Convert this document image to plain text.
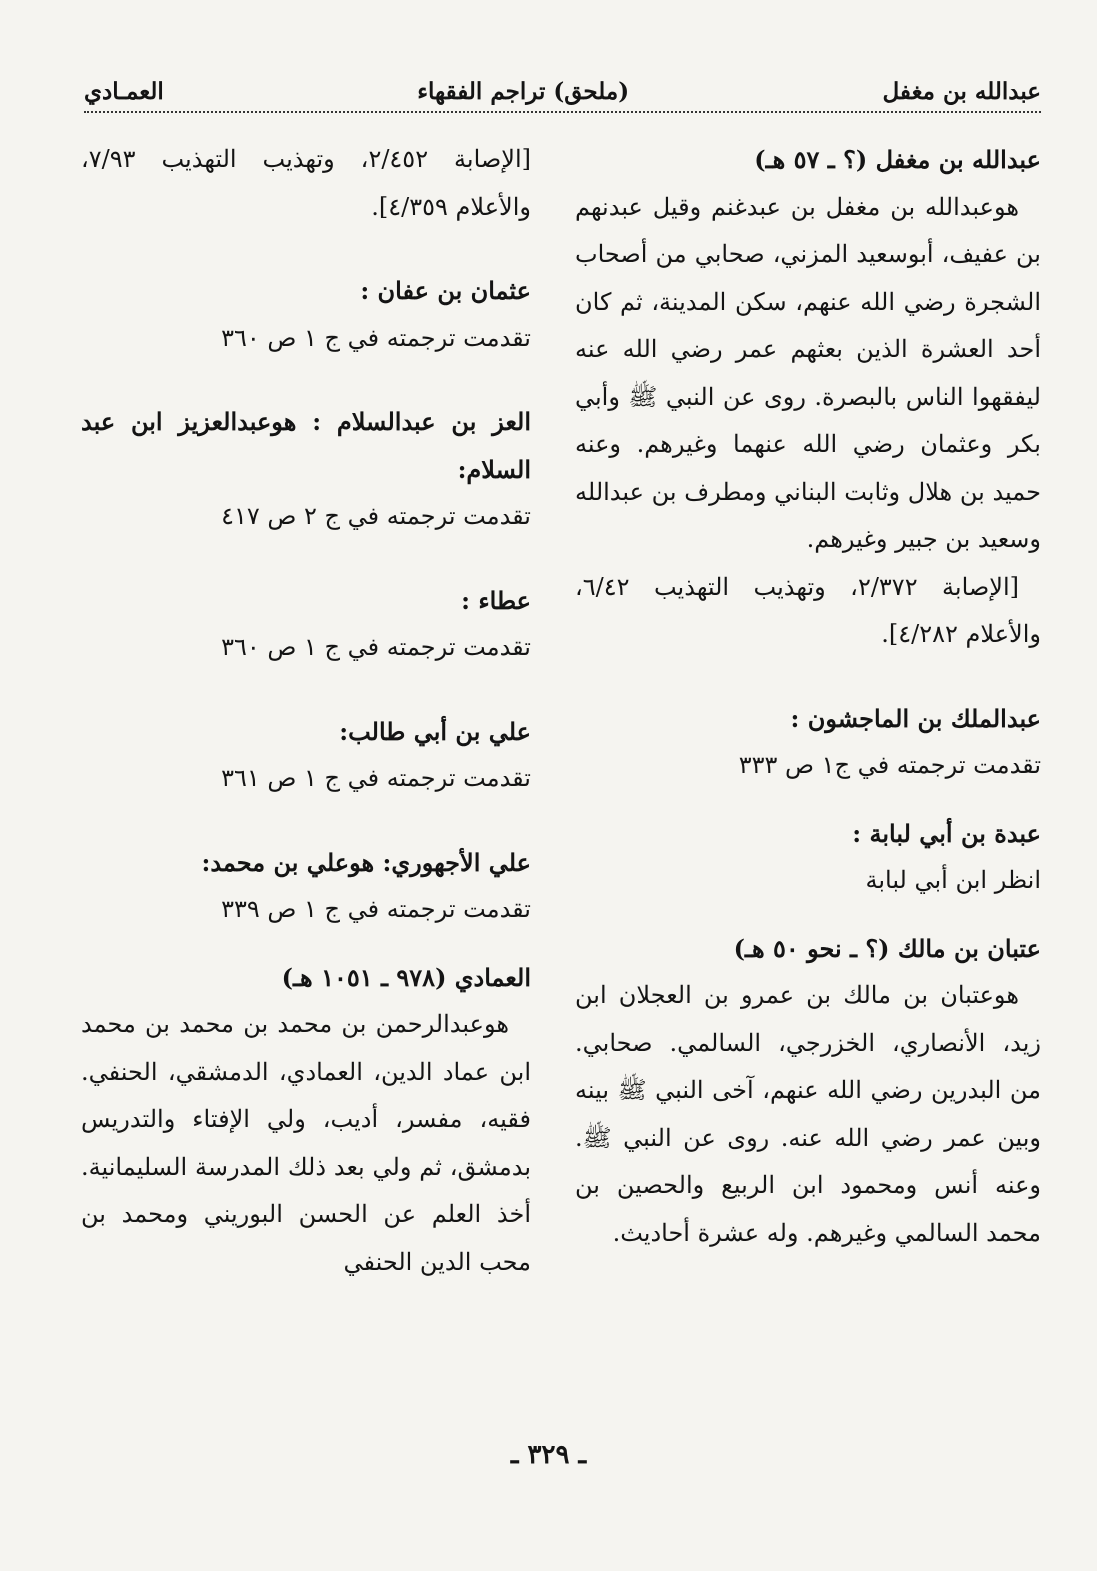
عبدالله بن مغفل
(ملحق) تراجم الفقهاء
العمـادي

عبدالله بن مغفل (؟ ـ ٥٧ هـ)

هوعبدالله بن مغفل بن عبدغنم وقيل عبدنهم بن عفيف، أبوسعيد المزني، صحابي من أصحاب الشجرة رضي الله عنهم، سكن المدينة، ثم كان أحد العشرة الذين بعثهم عمر رضي الله عنه ليفقهوا الناس بالبصرة. روى عن النبي ﷺ وأبي بكر وعثمان رضي الله عنهما وغيرهم. وعنه حميد بن هلال وثابت البناني ومطرف بن عبدالله وسعيد بن جبير وغيرهم.

[الإصابة ٢/٣٧٢، وتهذيب التهذيب ٦/٤٢، والأعلام ٤/٢٨٢].

عبدالملك بن الماجشون :

تقدمت ترجمته في ج١ ص ٣٣٣

عبدة بن أبي لبابة :

انظر ابن أبي لبابة

عتبان بن مالك (؟ ـ نحو ٥٠ هـ)

هوعتبان بن مالك بن عمرو بن العجلان ابن زيد، الأنصاري، الخزرجي، السالمي. صحابي. من البدرين رضي الله عنهم، آخى النبي ﷺ بينه وبين عمر رضي الله عنه. روى عن النبي ﷺ. وعنه أنس ومحمود ابن الربيع والحصين بن محمد السالمي وغيرهم. وله عشرة أحاديث.

[الإصابة ٢/٤٥٢، وتهذيب التهذيب ٧/٩٣، والأعلام ٤/٣٥٩].

عثمان بن عفان :

تقدمت ترجمته في ج ١ ص ٣٦٠

العز بن عبدالسلام : هوعبدالعزيز ابن عبد السلام:

تقدمت ترجمته في ج ٢ ص ٤١٧

عطاء :

تقدمت ترجمته في ج ١ ص ٣٦٠

علي بن أبي طالب:

تقدمت ترجمته في ج ١ ص ٣٦١

علي الأجهوري: هوعلي بن محمد:

تقدمت ترجمته في ج ١ ص ٣٣٩

العمادي (٩٧٨ ـ ١٠٥١ هـ)

هوعبدالرحمن بن محمد بن محمد بن محمد ابن عماد الدين، العمادي، الدمشقي، الحنفي. فقيه، مفسر، أديب، ولي الإفتاء والتدريس بدمشق، ثم ولي بعد ذلك المدرسة السليمانية. أخذ العلم عن الحسن البوريني ومحمد بن محب الدين الحنفي

ـ ٣٢٩ ـ
